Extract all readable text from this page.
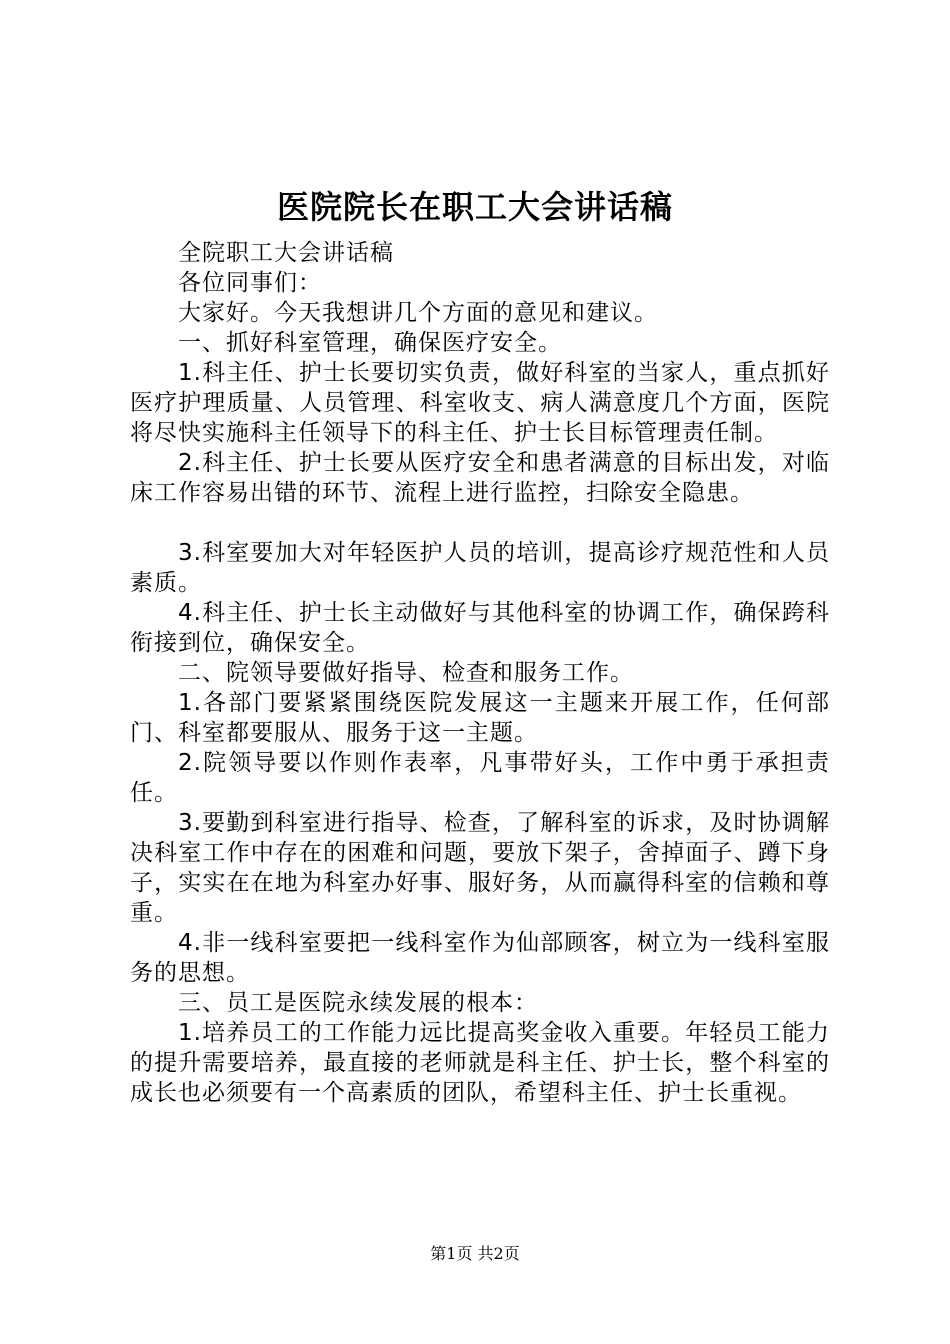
医院院长在职工大会讲话稿

全院职工大会讲话稿

各位同事们：

大家好。今天我想讲几个方面的意见和建议。

一、抓好科室管理，确保医疗安全。

1.科主任、护士长要切实负责，做好科室的当家人，重点抓好医疗护理质量、人员管理、科室收支、病人满意度几个方面，医院将尽快实施科主任领导下的科主任、护士长目标管理责任制。

2.科主任、护士长要从医疗安全和患者满意的目标出发，对临床工作容易出错的环节、流程上进行监控，扫除安全隐患。

3.科室要加大对年轻医护人员的培训，提高诊疗规范性和人员素质。

4.科主任、护士长主动做好与其他科室的协调工作，确保跨科衔接到位，确保安全。

二、院领导要做好指导、检查和服务工作。

1.各部门要紧紧围绕医院发展这一主题来开展工作，任何部门、科室都要服从、服务于这一主题。

2.院领导要以作则作表率，凡事带好头，工作中勇于承担责任。

3.要勤到科室进行指导、检查，了解科室的诉求，及时协调解决科室工作中存在的困难和问题，要放下架子，舍掉面子、蹲下身子，实实在在地为科室办好事、服好务，从而赢得科室的信赖和尊重。

4.非一线科室要把一线科室作为仙部顾客，树立为一线科室服务的思想。

三、员工是医院永续发展的根本：

1.培养员工的工作能力远比提高奖金收入重要。年轻员工能力的提升需要培养，最直接的老师就是科主任、护士长，整个科室的成长也必须要有一个高素质的团队，希望科主任、护士长重视。

第1页 共2页
